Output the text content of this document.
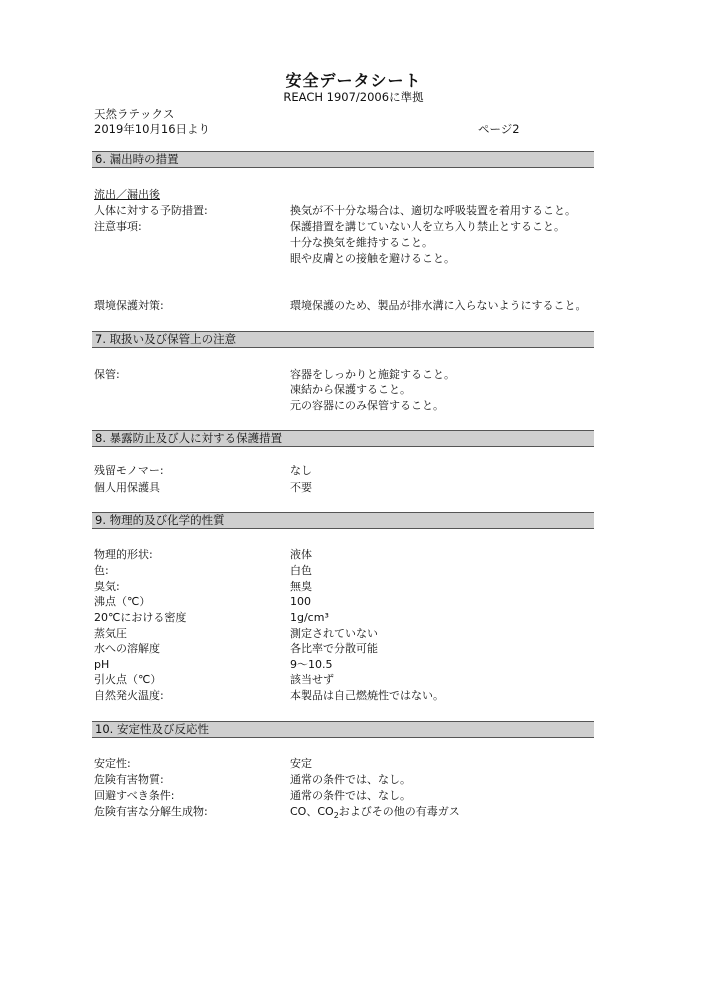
安全データシート
REACH 1907/2006に準拠
天然ラテックス
2019年10月16日より	ページ2
6. 漏出時の措置
流出／漏出後
人体に対する予防措置:	換気が不十分な場合は、適切な呼吸装置を着用すること。
注意事項:	保護措置を講じていない人を立ち入り禁止とすること。
十分な換気を維持すること。
眼や皮膚との接触を避けること。
環境保護対策:	環境保護のため、製品が排水溝に入らないようにすること。
7. 取扱い及び保管上の注意
保管:	容器をしっかりと施錠すること。
凍結から保護すること。
元の容器にのみ保管すること。
8. 暴露防止及び人に対する保護措置
残留モノマー:	なし
個人用保護具	不要
9. 物理的及び化学的性質
物理的形状:	液体
色:	白色
臭気:	無臭
沸点（℃）	100
20℃における密度	1g/cm³
蒸気圧	測定されていない
水への溶解度	各比率で分散可能
pH	9～10.5
引火点（℃）	該当せず
自然発火温度:	本製品は自己燃焼性ではない。
10. 安定性及び反応性
安定性:	安定
危険有害物質:	通常の条件では、なし。
回避すべき条件:	通常の条件では、なし。
危険有害な分解生成物:	CO、$CO_2$およびその他の有毒ガス
